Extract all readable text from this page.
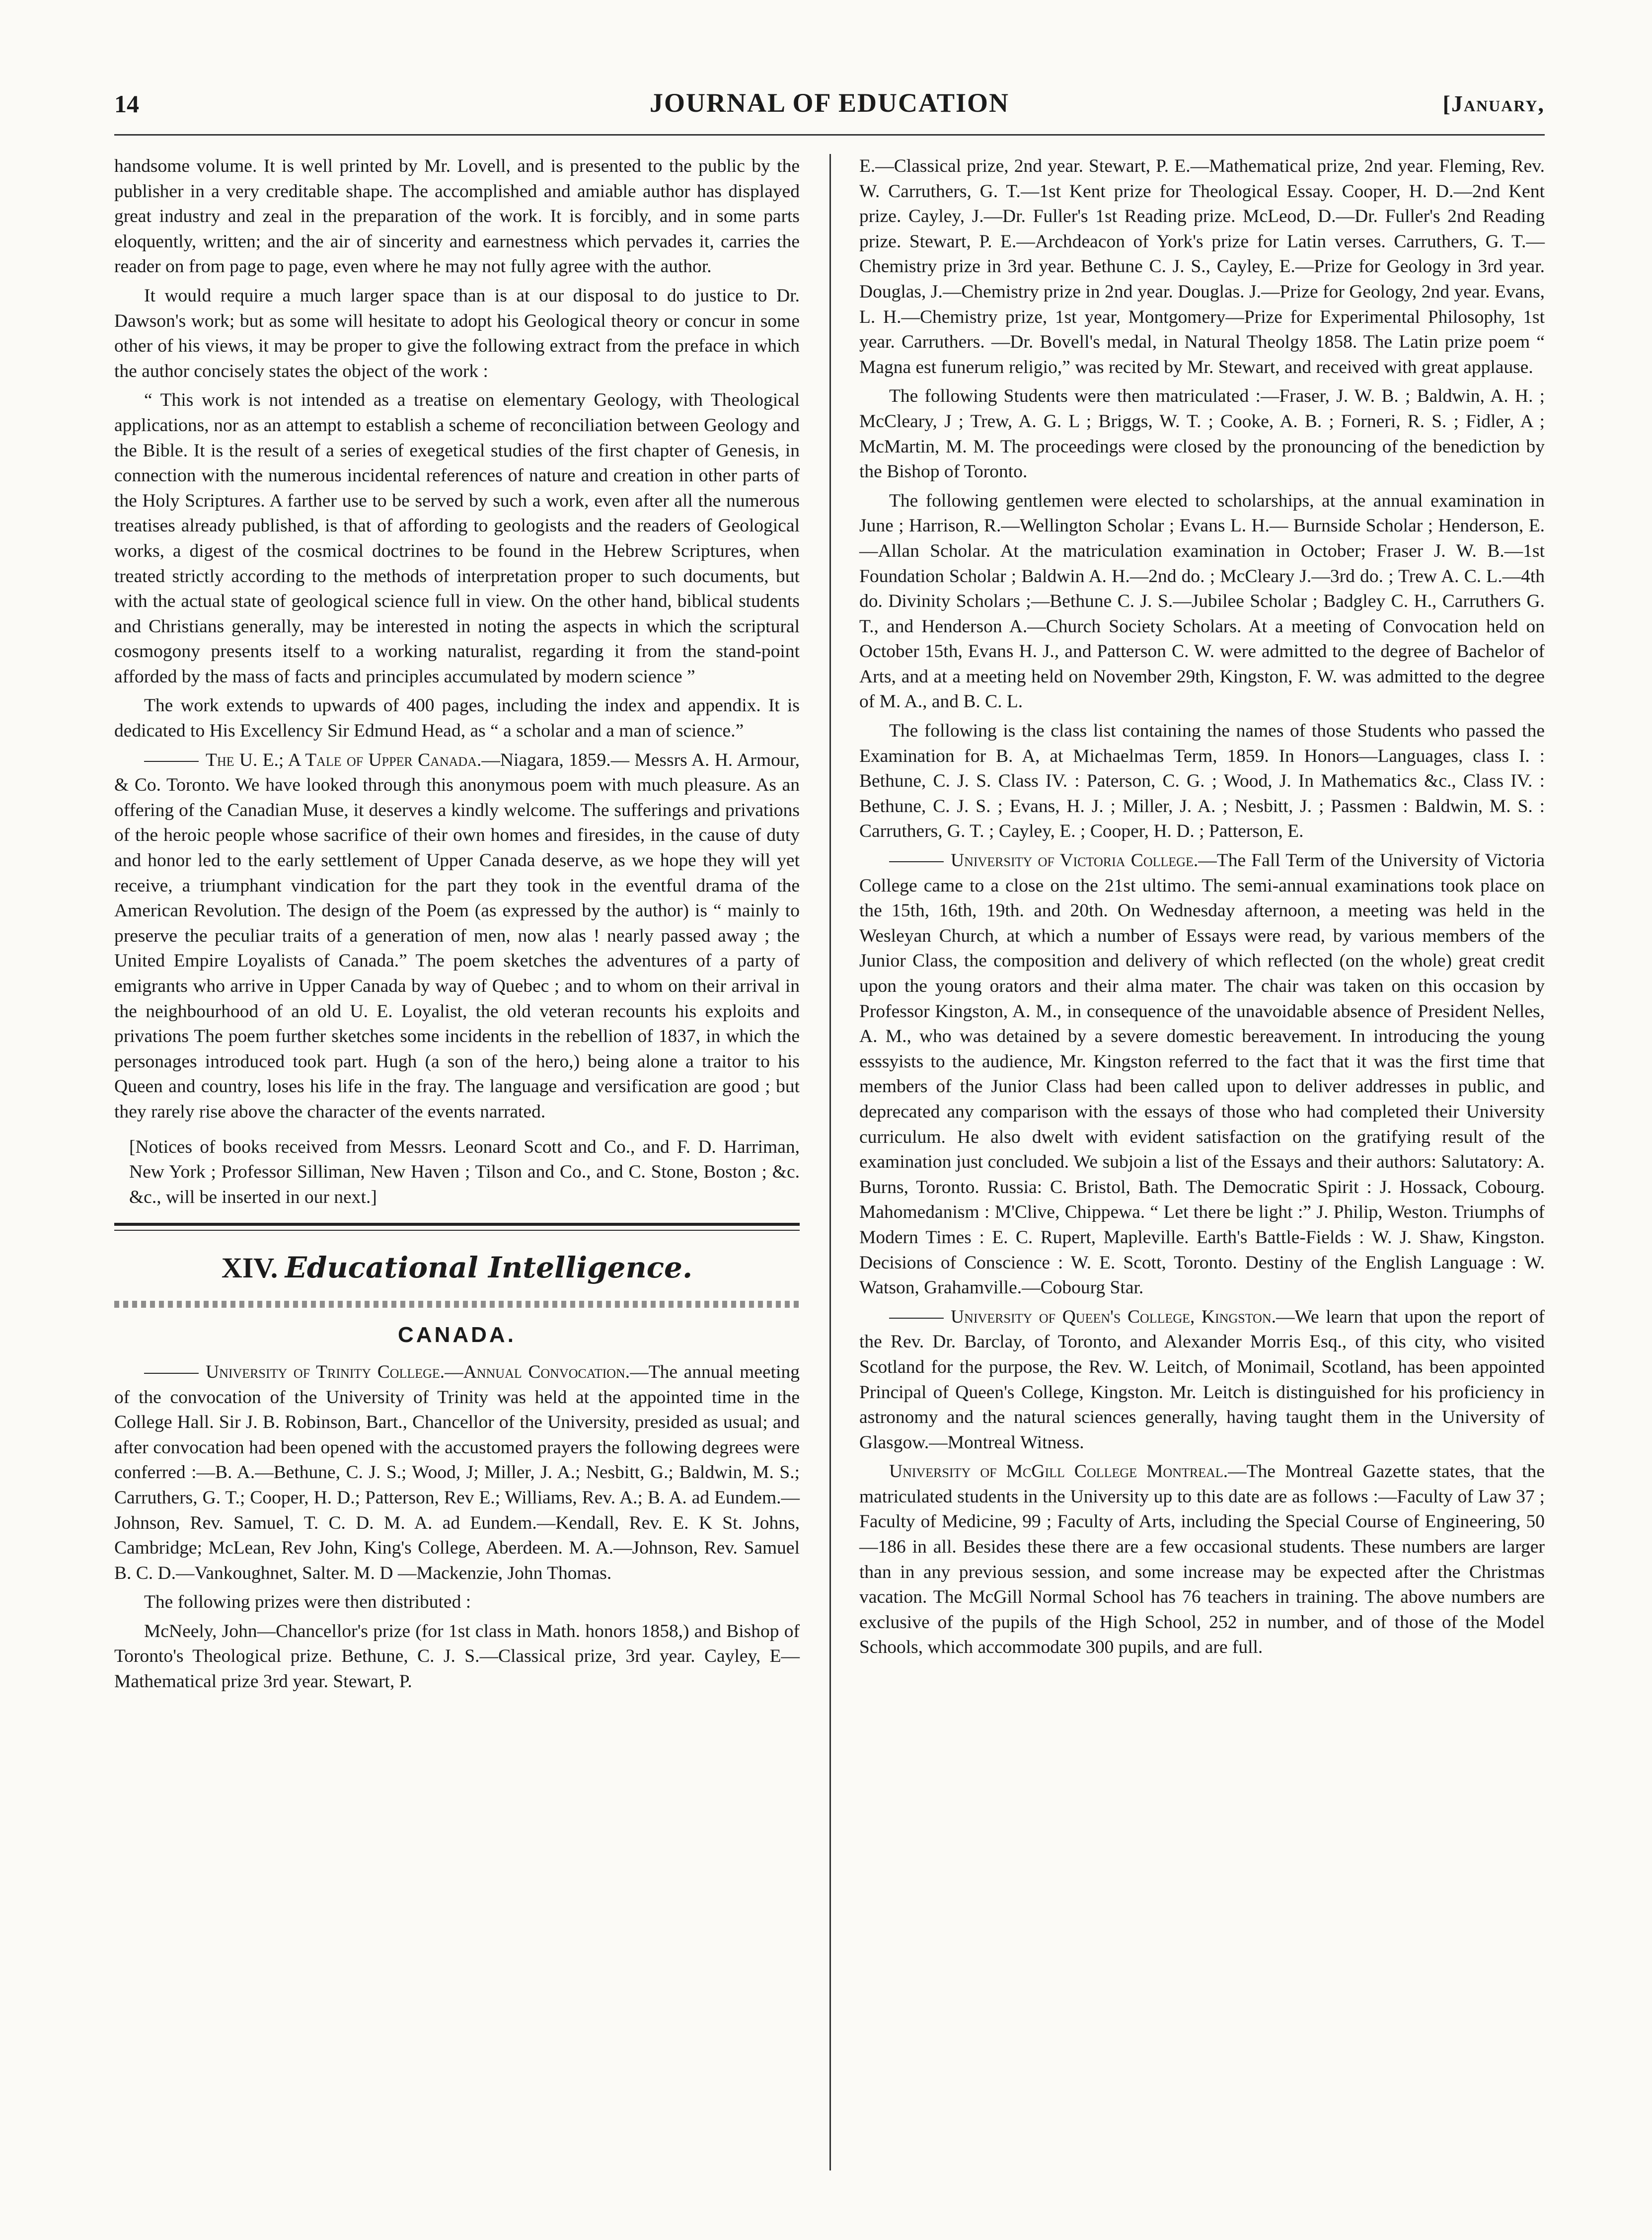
14	JOURNAL OF EDUCATION	[January,

handsome volume. It is well printed by Mr. Lovell, and is presented to the public by the publisher in a very creditable shape. The accomplished and amiable author has displayed great industry and zeal in the preparation of the work. It is forcibly, and in some parts eloquently, written; and the air of sincerity and earnestness which pervades it, carries the reader on from page to page, even where he may not fully agree with the author.

It would require a much larger space than is at our disposal to do justice to Dr. Dawson's work; but as some will hesitate to adopt his Geological theory or concur in some other of his views, it may be proper to give the following extract from the preface in which the author concisely states the object of the work :

“ This work is not intended as a treatise on elementary Geology, with Theological applications, nor as an attempt to establish a scheme of reconciliation between Geology and the Bible. It is the result of a series of exegetical studies of the first chapter of Genesis, in connection with the numerous incidental references of nature and creation in other parts of the Holy Scriptures. A farther use to be served by such a work, even after all the numerous treatises already published, is that of affording to geologists and the readers of Geological works, a digest of the cosmical doctrines to be found in the Hebrew Scriptures, when treated strictly according to the methods of interpretation proper to such documents, but with the actual state of geological science full in view. On the other hand, biblical students and Christians generally, may be interested in noting the aspects in which the scriptural cosmogony presents itself to a working naturalist, regarding it from the stand-point afforded by the mass of facts and principles accumulated by modern science ”

The work extends to upwards of 400 pages, including the index and appendix. It is dedicated to His Excellency Sir Edmund Head, as “ a scholar and a man of science.”

The U. E.; A Tale of Upper Canada.—Niagara, 1859.— Messrs A. H. Armour, & Co. Toronto. We have looked through this anonymous poem with much pleasure. As an offering of the Canadian Muse, it deserves a kindly welcome. The sufferings and privations of the heroic people whose sacrifice of their own homes and firesides, in the cause of duty and honor led to the early settlement of Upper Canada deserve, as we hope they will yet receive, a triumphant vindication for the part they took in the eventful drama of the American Revolution. The design of the Poem (as expressed by the author) is “ mainly to preserve the peculiar traits of a generation of men, now alas ! nearly passed away ; the United Empire Loyalists of Canada.” The poem sketches the adventures of a party of emigrants who arrive in Upper Canada by way of Quebec ; and to whom on their arrival in the neighbourhood of an old U. E. Loyalist, the old veteran recounts his exploits and privations The poem further sketches some incidents in the rebellion of 1837, in which the personages introduced took part. Hugh (a son of the hero,) being alone a traitor to his Queen and country, loses his life in the fray. The language and versification are good ; but they rarely rise above the character of the events narrated.

[Notices of books received from Messrs. Leonard Scott and Co., and F. D. Harriman, New York ; Professor Silliman, New Haven ; Tilson and Co., and C. Stone, Boston ; &c. &c., will be inserted in our next.]

XIV. Educational Intelligence.
CANADA.

University of Trinity College.—Annual Convocation.—The annual meeting of the convocation of the University of Trinity was held at the appointed time in the College Hall. Sir J. B. Robinson, Bart., Chancellor of the University, presided as usual; and after convocation had been opened with the accustomed prayers the following degrees were conferred :—B. A.—Bethune, C. J. S.; Wood, J; Miller, J. A.; Nesbitt, G.; Baldwin, M. S.; Carruthers, G. T.; Cooper, H. D.; Patterson, Rev E.; Williams, Rev. A.; B. A. ad Eundem.—Johnson, Rev. Samuel, T. C. D. M. A. ad Eundem.—Kendall, Rev. E. K St. Johns, Cambridge; McLean, Rev John, King's College, Aberdeen. M. A.—Johnson, Rev. Samuel B. C. D.—Vankoughnet, Salter. M. D —Mackenzie, John Thomas.

The following prizes were then distributed :

McNeely, John—Chancellor's prize (for 1st class in Math. honors 1858,) and Bishop of Toronto's Theological prize. Bethune, C. J. S.—Classical prize, 3rd year. Cayley, E—Mathematical prize 3rd year. Stewart, P.

E.—Classical prize, 2nd year. Stewart, P. E.—Mathematical prize, 2nd year. Fleming, Rev. W. Carruthers, G. T.—1st Kent prize for Theological Essay. Cooper, H. D.—2nd Kent prize. Cayley, J.—Dr. Fuller's 1st Reading prize. McLeod, D.—Dr. Fuller's 2nd Reading prize. Stewart, P. E.—Archdeacon of York's prize for Latin verses. Carruthers, G. T.—Chemistry prize in 3rd year. Bethune C. J. S., Cayley, E.—Prize for Geology in 3rd year. Douglas, J.—Chemistry prize in 2nd year. Douglas. J.—Prize for Geology, 2nd year. Evans, L. H.—Chemistry prize, 1st year, Montgomery—Prize for Experimental Philosophy, 1st year. Carruthers. —Dr. Bovell's medal, in Natural Theolgy 1858. The Latin prize poem “ Magna est funerum religio,” was recited by Mr. Stewart, and received with great applause.

The following Students were then matriculated :—Fraser, J. W. B. ; Baldwin, A. H. ; McCleary, J ; Trew, A. G. L ; Briggs, W. T. ; Cooke, A. B. ; Forneri, R. S. ; Fidler, A ; McMartin, M. M. The proceedings were closed by the pronouncing of the benediction by the Bishop of Toronto.

The following gentlemen were elected to scholarships, at the annual examination in June ; Harrison, R.—Wellington Scholar ; Evans L. H.— Burnside Scholar ; Henderson, E.—Allan Scholar. At the matriculation examination in October; Fraser J. W. B.—1st Foundation Scholar ; Baldwin A. H.—2nd do. ; McCleary J.—3rd do. ; Trew A. C. L.—4th do. Divinity Scholars ;—Bethune C. J. S.—Jubilee Scholar ; Badgley C. H., Carruthers G. T., and Henderson A.—Church Society Scholars. At a meeting of Convocation held on October 15th, Evans H. J., and Patterson C. W. were admitted to the degree of Bachelor of Arts, and at a meeting held on November 29th, Kingston, F. W. was admitted to the degree of M. A., and B. C. L.

The following is the class list containing the names of those Students who passed the Examination for B. A, at Michaelmas Term, 1859. In Honors—Languages, class I. : Bethune, C. J. S. Class IV. : Paterson, C. G. ; Wood, J. In Mathematics &c., Class IV. : Bethune, C. J. S. ; Evans, H. J. ; Miller, J. A. ; Nesbitt, J. ; Passmen : Baldwin, M. S. : Carruthers, G. T. ; Cayley, E. ; Cooper, H. D. ; Patterson, E.

University of Victoria College.—The Fall Term of the University of Victoria College came to a close on the 21st ultimo. The semi-annual examinations took place on the 15th, 16th, 19th. and 20th. On Wednesday afternoon, a meeting was held in the Wesleyan Church, at which a number of Essays were read, by various members of the Junior Class, the composition and delivery of which reflected (on the whole) great credit upon the young orators and their alma mater. The chair was taken on this occasion by Professor Kingston, A. M., in consequence of the unavoidable absence of President Nelles, A. M., who was detained by a severe domestic bereavement. In introducing the young esssyists to the audience, Mr. Kingston referred to the fact that it was the first time that members of the Junior Class had been called upon to deliver addresses in public, and deprecated any comparison with the essays of those who had completed their University curriculum. He also dwelt with evident satisfaction on the gratifying result of the examination just concluded. We subjoin a list of the Essays and their authors: Salutatory: A. Burns, Toronto. Russia: C. Bristol, Bath. The Democratic Spirit : J. Hossack, Cobourg. Mahomedanism : M'Clive, Chippewa. “ Let there be light :” J. Philip, Weston. Triumphs of Modern Times : E. C. Rupert, Mapleville. Earth's Battle-Fields : W. J. Shaw, Kingston. Decisions of Conscience : W. E. Scott, Toronto. Destiny of the English Language : W. Watson, Grahamville.—Cobourg Star.

University of Queen's College, Kingston.—We learn that upon the report of the Rev. Dr. Barclay, of Toronto, and Alexander Morris Esq., of this city, who visited Scotland for the purpose, the Rev. W. Leitch, of Monimail, Scotland, has been appointed Principal of Queen's College, Kingston. Mr. Leitch is distinguished for his proficiency in astronomy and the natural sciences generally, having taught them in the University of Glasgow.—Montreal Witness.

University of McGill College Montreal.—The Montreal Gazette states, that the matriculated students in the University up to this date are as follows :—Faculty of Law 37 ; Faculty of Medicine, 99 ; Faculty of Arts, including the Special Course of Engineering, 50—186 in all. Besides these there are a few occasional students. These numbers are larger than in any previous session, and some increase may be expected after the Christmas vacation. The McGill Normal School has 76 teachers in training. The above numbers are exclusive of the pupils of the High School, 252 in number, and of those of the Model Schools, which accommodate 300 pupils, and are full.
